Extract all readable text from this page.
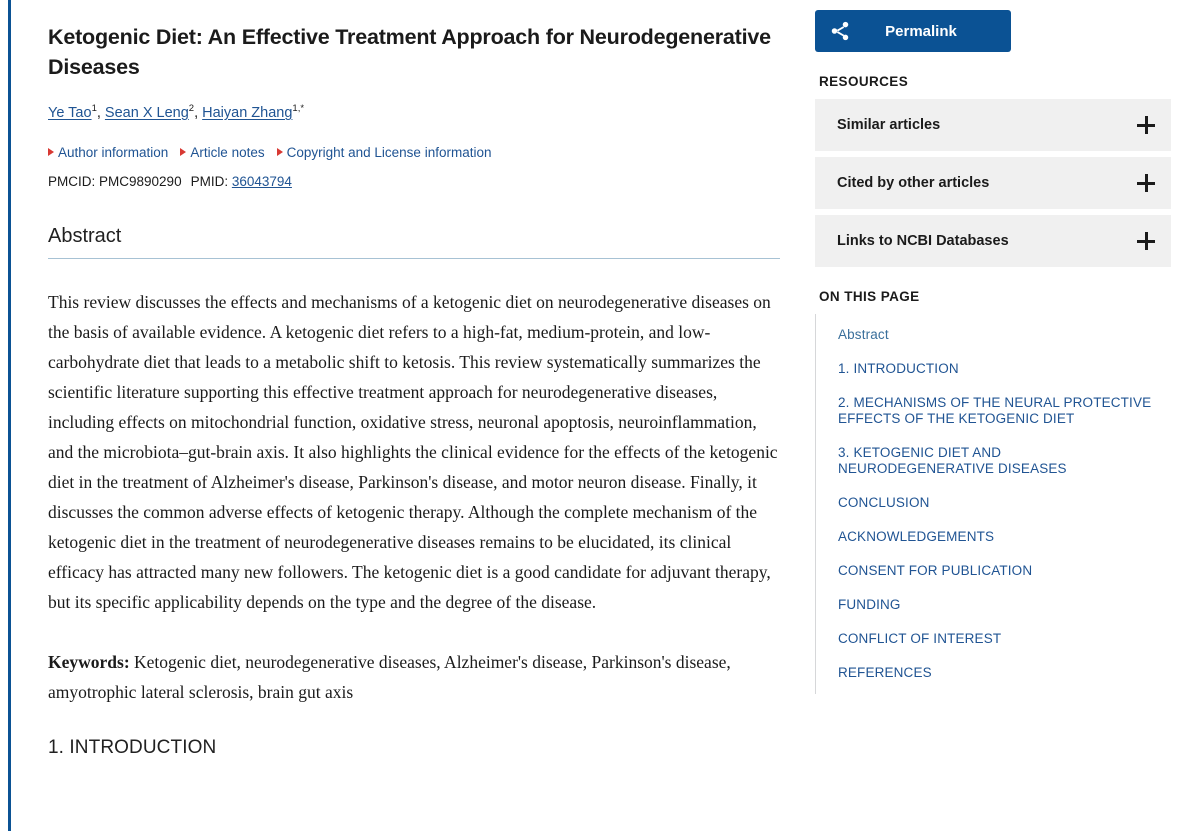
Ketogenic Diet: An Effective Treatment Approach for Neurodegenerative Diseases
Ye Tao$^1$, Sean X Leng$^2$, Haiyan Zhang$^{1,*}$
Author information Article notes Copyright and License information
PMCID: PMC9890290 PMID: 36043794
Abstract

This review discusses the effects and mechanisms of a ketogenic diet on neurodegenerative diseases on the basis of available evidence. A ketogenic diet refers to a high-fat, medium-protein, and low-carbohydrate diet that leads to a metabolic shift to ketosis. This review systematically summarizes the scientific literature supporting this effective treatment approach for neurodegenerative diseases, including effects on mitochondrial function, oxidative stress, neuronal apoptosis, neuroinflammation, and the microbiota–gut-brain axis. It also highlights the clinical evidence for the effects of the ketogenic diet in the treatment of Alzheimer's disease, Parkinson's disease, and motor neuron disease. Finally, it discusses the common adverse effects of ketogenic therapy. Although the complete mechanism of the ketogenic diet in the treatment of neurodegenerative diseases remains to be elucidated, its clinical efficacy has attracted many new followers. The ketogenic diet is a good candidate for adjuvant therapy, but its specific applicability depends on the type and the degree of the disease.

Keywords: Ketogenic diet, neurodegenerative diseases, Alzheimer's disease, Parkinson's disease, amyotrophic lateral sclerosis, brain gut axis

1. INTRODUCTION
Permalink
RESOURCES
Similar articles
Cited by other articles
Links to NCBI Databases
ON THIS PAGE
Abstract
1. INTRODUCTION
2. MECHANISMS OF THE NEURAL PROTECTIVE EFFECTS OF THE KETOGENIC DIET
3. KETOGENIC DIET AND NEURODEGENERATIVE DISEASES
CONCLUSION
ACKNOWLEDGEMENTS
CONSENT FOR PUBLICATION
FUNDING
CONFLICT OF INTEREST
REFERENCES
